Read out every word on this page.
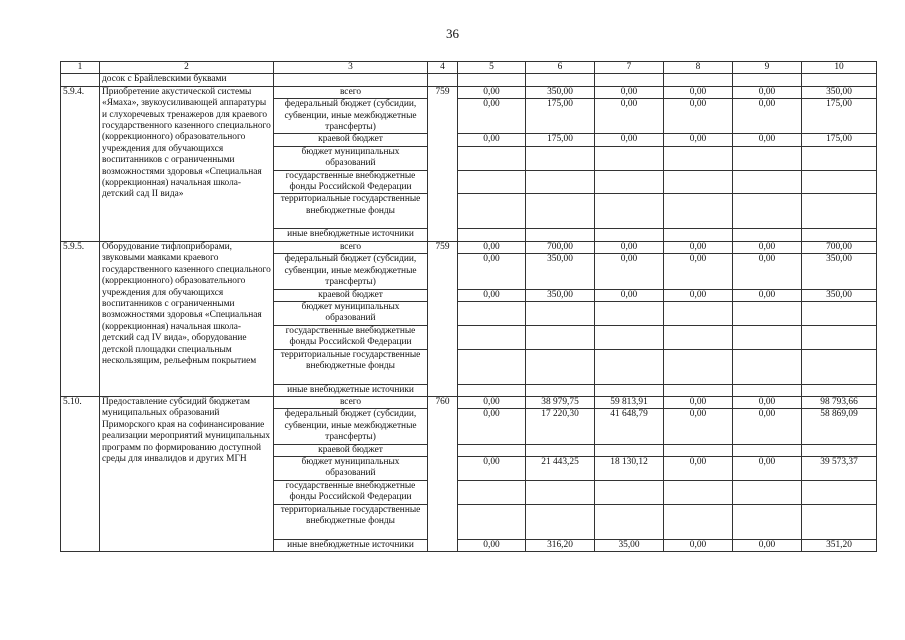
36
1	2	3	4	5	6	7	8	9	10
	досок с Брайлевскими буквами								
5.9.4.	Приобретение акустической системы «Ямаха», звукоусиливающей аппаратуры и слухоречевых тренажеров для краевого государственного казенного специального (коррекционного) образовательного учреждения для обучающихся воспитанников с ограниченными возможностями здоровья «Специальная (коррекционная) начальная школа-детский сад II вида»	всего	759	0,00	350,00	0,00	0,00	0,00	350,00
		федеральный бюджет (субсидии, субвенции, иные межбюджетные трансферты)		0,00	175,00	0,00	0,00	0,00	175,00
		краевой бюджет		0,00	175,00	0,00	0,00	0,00	175,00
		бюджет муниципальных образований							
		государственные внебюджетные фонды Российской Федерации							
		территориальные государственные внебюджетные фонды							
		иные внебюджетные источники							
5.9.5.	Оборудование тифлоприборами, звуковыми маяками краевого государственного казенного специального (коррекционного) образовательного учреждения для обучающихся воспитанников с ограниченными возможностями здоровья «Специальная (коррекционная) начальная школа-детский сад IV вида», оборудование детской площадки специальным нескользящим, рельефным покрытием	всего	759	0,00	700,00	0,00	0,00	0,00	700,00
		федеральный бюджет (субсидии, субвенции, иные межбюджетные трансферты)		0,00	350,00	0,00	0,00	0,00	350,00
		краевой бюджет		0,00	350,00	0,00	0,00	0,00	350,00
		бюджет муниципальных образований							
		государственные внебюджетные фонды Российской Федерации							
		территориальные государственные внебюджетные фонды							
		иные внебюджетные источники							
5.10.	Предоставление субсидий бюджетам муниципальных образований Приморского края на софинансирование реализации мероприятий муниципальных программ по формированию доступной среды для инвалидов и других МГН	всего	760	0,00	38 979,75	59 813,91	0,00	0,00	98 793,66
		федеральный бюджет (субсидии, субвенции, иные межбюджетные трансферты)		0,00	17 220,30	41 648,79	0,00	0,00	58 869,09
		краевой бюджет							
		бюджет муниципальных образований		0,00	21 443,25	18 130,12	0,00	0,00	39 573,37
		государственные внебюджетные фонды Российской Федерации							
		территориальные государственные внебюджетные фонды							
		иные внебюджетные источники		0,00	316,20	35,00	0,00	0,00	351,20
